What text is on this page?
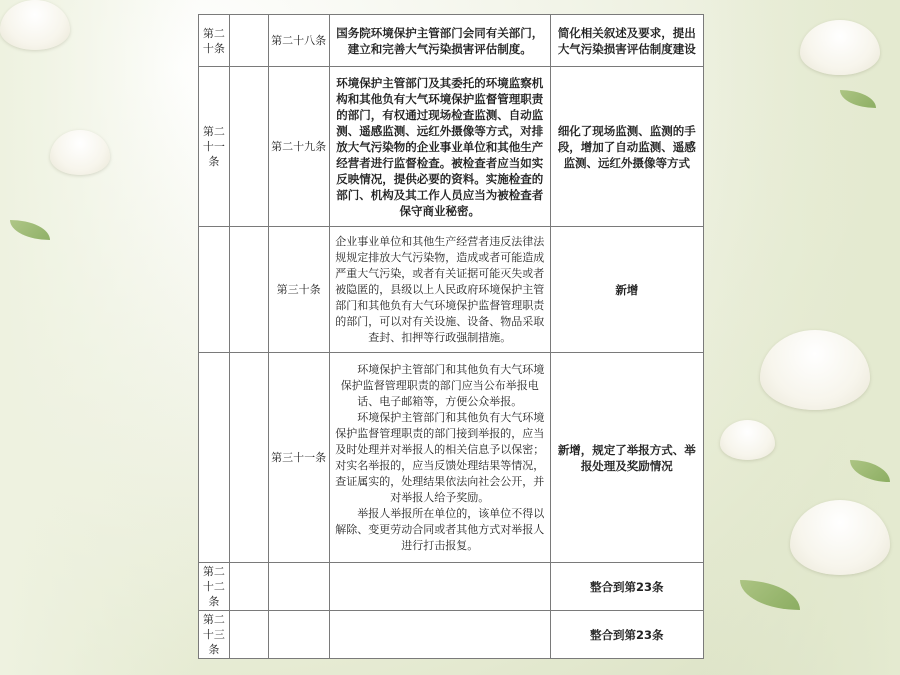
第二十条		第二十八条	国务院环境保护主管部门会同有关部门，建立和完善大气污染损害评估制度。	简化相关叙述及要求，提出大气污染损害评估制度建设
第二十一条		第二十九条	环境保护主管部门及其委托的环境监察机构和其他负有大气环境保护监督管理职责的部门，有权通过现场检查监测、自动监测、遥感监测、远红外摄像等方式，对排放大气污染物的企业事业单位和其他生产经营者进行监督检查。被检查者应当如实反映情况，提供必要的资料。实施检查的部门、机构及其工作人员应当为被检查者保守商业秘密。	细化了现场监测、监测的手段，增加了自动监测、遥感监测、远红外摄像等方式
		第三十条	企业事业单位和其他生产经营者违反法律法规规定排放大气污染物，造成或者可能造成严重大气污染，或者有关证据可能灭失或者被隐匿的，县级以上人民政府环境保护主管部门和其他负有大气环境保护监督管理职责的部门，可以对有关设施、设备、物品采取查封、扣押等行政强制措施。	新增
		第三十一条	环境保护主管部门和其他负有大气环境保护监督管理职责的部门应当公布举报电话、电子邮箱等，方便公众举报。
环境保护主管部门和其他负有大气环境保护监督管理职责的部门接到举报的，应当及时处理并对举报人的相关信息予以保密；对实名举报的，应当反馈处理结果等情况，查证属实的，处理结果依法向社会公开，并对举报人给予奖励。
举报人举报所在单位的，该单位不得以解除、变更劳动合同或者其他方式对举报人进行打击报复。	新增，规定了举报方式、举报处理及奖励情况
第二十二条				整合到第23条
第二十三条				整合到第23条
